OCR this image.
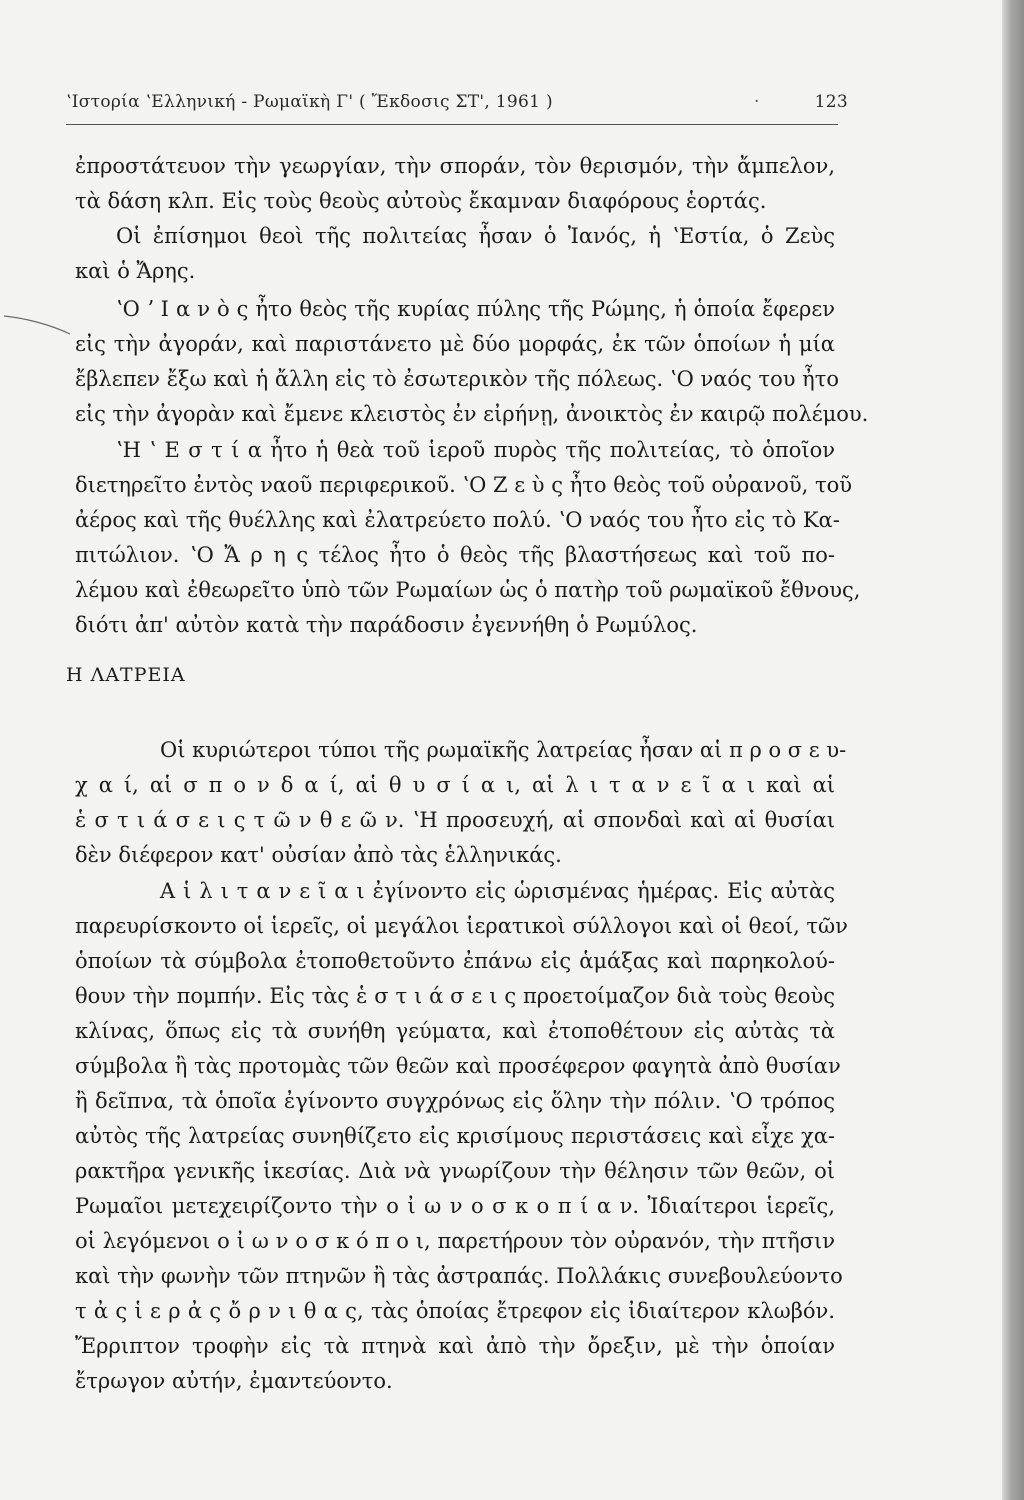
ʽΙστορία ʽΕλληνική - Ρωμαϊκὴ Γ' ( Ἔκδοσις ΣΤ', 1961 )	·	123
ἐπροστάτευον τὴν γεωργίαν, τὴν σποράν, τὸν θερισμόν, τὴν ἄμπελον,
τὰ δάση κλπ. Εἰς τοὺς θεοὺς αὐτοὺς ἔκαμναν διαφόρους ἑορτάς.
Οἱ ἐπίσημοι θεοὶ τῆς πολιτείας ἦσαν ὁ Ἰανός, ἡ ʽΕστία, ὁ Ζεὺς
καὶ ὁ Ἄρης.
ʽΟ ʼ Ι α ν ὸ ς ἦτο θεὸς τῆς κυρίας πύλης τῆς Ρώμης, ἡ ὁποία ἔφερεν
εἰς τὴν ἀγοράν, καὶ παριστάνετο μὲ δύο μορφάς, ἐκ τῶν ὁποίων ἡ μία
ἔβλεπεν ἔξω καὶ ἡ ἄλλη εἰς τὸ ἐσωτερικὸν τῆς πόλεως. ʽΟ ναός του ἦτο
εἰς τὴν ἀγορὰν καὶ ἔμενε κλειστὸς ἐν εἰρήνῃ, ἀνοικτὸς ἐν καιρῷ πολέμου.
ʽΗ ʽ Ε σ τ ί α ἦτο ἡ θεὰ τοῦ ἱεροῦ πυρὸς τῆς πολιτείας, τὸ ὁποῖον
διετηρεῖτο ἐντὸς ναοῦ περιφερικοῦ. ʽΟ Ζ ε ὺ ς ἦτο θεὸς τοῦ οὐρανοῦ, τοῦ
ἀέρος καὶ τῆς θυέλλης καὶ ἐλατρεύετο πολύ. ʽΟ ναός του ἦτο εἰς τὸ Κα-
πιτώλιον. ʽΟ Ἄ ρ η ς τέλος ἦτο ὁ θεὸς τῆς βλαστήσεως καὶ τοῦ πο-
λέμου καὶ ἐθεωρεῖτο ὑπὸ τῶν Ρωμαίων ὡς ὁ πατὴρ τοῦ ρωμαϊκοῦ ἔθνους,
διότι ἀπ' αὐτὸν κατὰ τὴν παράδοσιν ἐγεννήθη ὁ Ρωμύλος.
Η ΛΑΤΡΕΙΑ
Οἱ κυριώτεροι τύποι τῆς ρωμαϊκῆς λατρείας ἦσαν αἱ π ρ ο σ ε υ-
χ α ί, αἱ σ π ο ν δ α ί, αἱ θ υ σ ί α ι, αἱ λ ι τ α ν ε ῖ α ι καὶ αἱ
ἑ σ τ ι ά σ ε ι ς τ ῶ ν θ ε ῶ ν. ʽΗ προσευχή, αἱ σπονδαὶ καὶ αἱ θυσίαι
δὲν διέφερον κατ' οὐσίαν ἀπὸ τὰς ἑλληνικάς.
Α ἱ λ ι τ α ν ε ῖ α ι ἐγίνοντο εἰς ὡρισμένας ἡμέρας. Εἰς αὐτὰς
παρευρίσκοντο οἱ ἱερεῖς, οἱ μεγάλοι ἱερατικοὶ σύλλογοι καὶ οἱ θεοί, τῶν
ὁποίων τὰ σύμβολα ἐτοποθετοῦντο ἐπάνω εἰς ἁμάξας καὶ παρηκολού-
θουν τὴν πομπήν. Εἰς τὰς ἑ σ τ ι ά σ ε ι ς προετοίμαζον διὰ τοὺς θεοὺς
κλίνας, ὅπως εἰς τὰ συνήθη γεύματα, καὶ ἐτοποθέτουν εἰς αὐτὰς τὰ
σύμβολα ἢ τὰς προτομὰς τῶν θεῶν καὶ προσέφερον φαγητὰ ἀπὸ θυσίαν
ἢ δεῖπνα, τὰ ὁποῖα ἐγίνοντο συγχρόνως εἰς ὅλην τὴν πόλιν. ʽΟ τρόπος
αὐτὸς τῆς λατρείας συνηθίζετο εἰς κρισίμους περιστάσεις καὶ εἶχε χα-
ρακτῆρα γενικῆς ἱκεσίας. Διὰ νὰ γνωρίζουν τὴν θέλησιν τῶν θεῶν, οἱ
Ρωμαῖοι μετεχειρίζοντο τὴν ο ἰ ω ν ο σ κ ο π ί α ν. Ἰδιαίτεροι ἱερεῖς,
οἱ λεγόμενοι ο ἰ ω ν ο σ κ ό π ο ι, παρετήρουν τὸν οὐρανόν, τὴν πτῆσιν
καὶ τὴν φωνὴν τῶν πτηνῶν ἢ τὰς ἀστραπάς. Πολλάκις συνεβουλεύοντο
τ ἀ ς ἱ ε ρ ἀ ς ὄ ρ ν ι θ α ς, τὰς ὁποίας ἔτρεφον εἰς ἰδιαίτερον κλωβόν.
Ἔρριπτον τροφὴν εἰς τὰ πτηνὰ καὶ ἀπὸ τὴν ὄρεξιν, μὲ τὴν ὁποίαν
ἔτρωγον αὐτήν, ἐμαντεύοντο.
